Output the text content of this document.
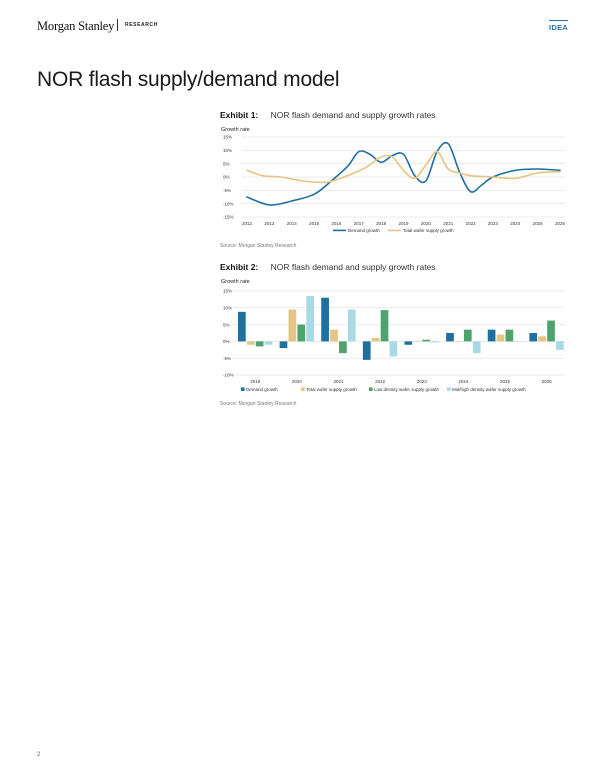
Morgan Stanley RESEARCH	IDEA
NOR flash supply/demand model
Exhibit 1: NOR flash demand and supply growth rates
Growth rate
15%
10%
5%
0%
-5%
-10%
-15%
2012	2013	2014	2015	2016	2017	2018	2019	2020	2021	2022	2023	2024	2025	2026
Demand growth	Total wafer supply growth
Source: Morgan Stanley Research
Exhibit 2: NOR flash demand and supply growth rates
Growth rate
15%
10%
5%
0%
-5%
-10%
2019	2020	2021	2022	2023	2024	2025	2026
Demand growth	Total wafer supply growth	Low density wafer supply growth	Mid/high density wafer supply growth
Source: Morgan Stanley Research
2
